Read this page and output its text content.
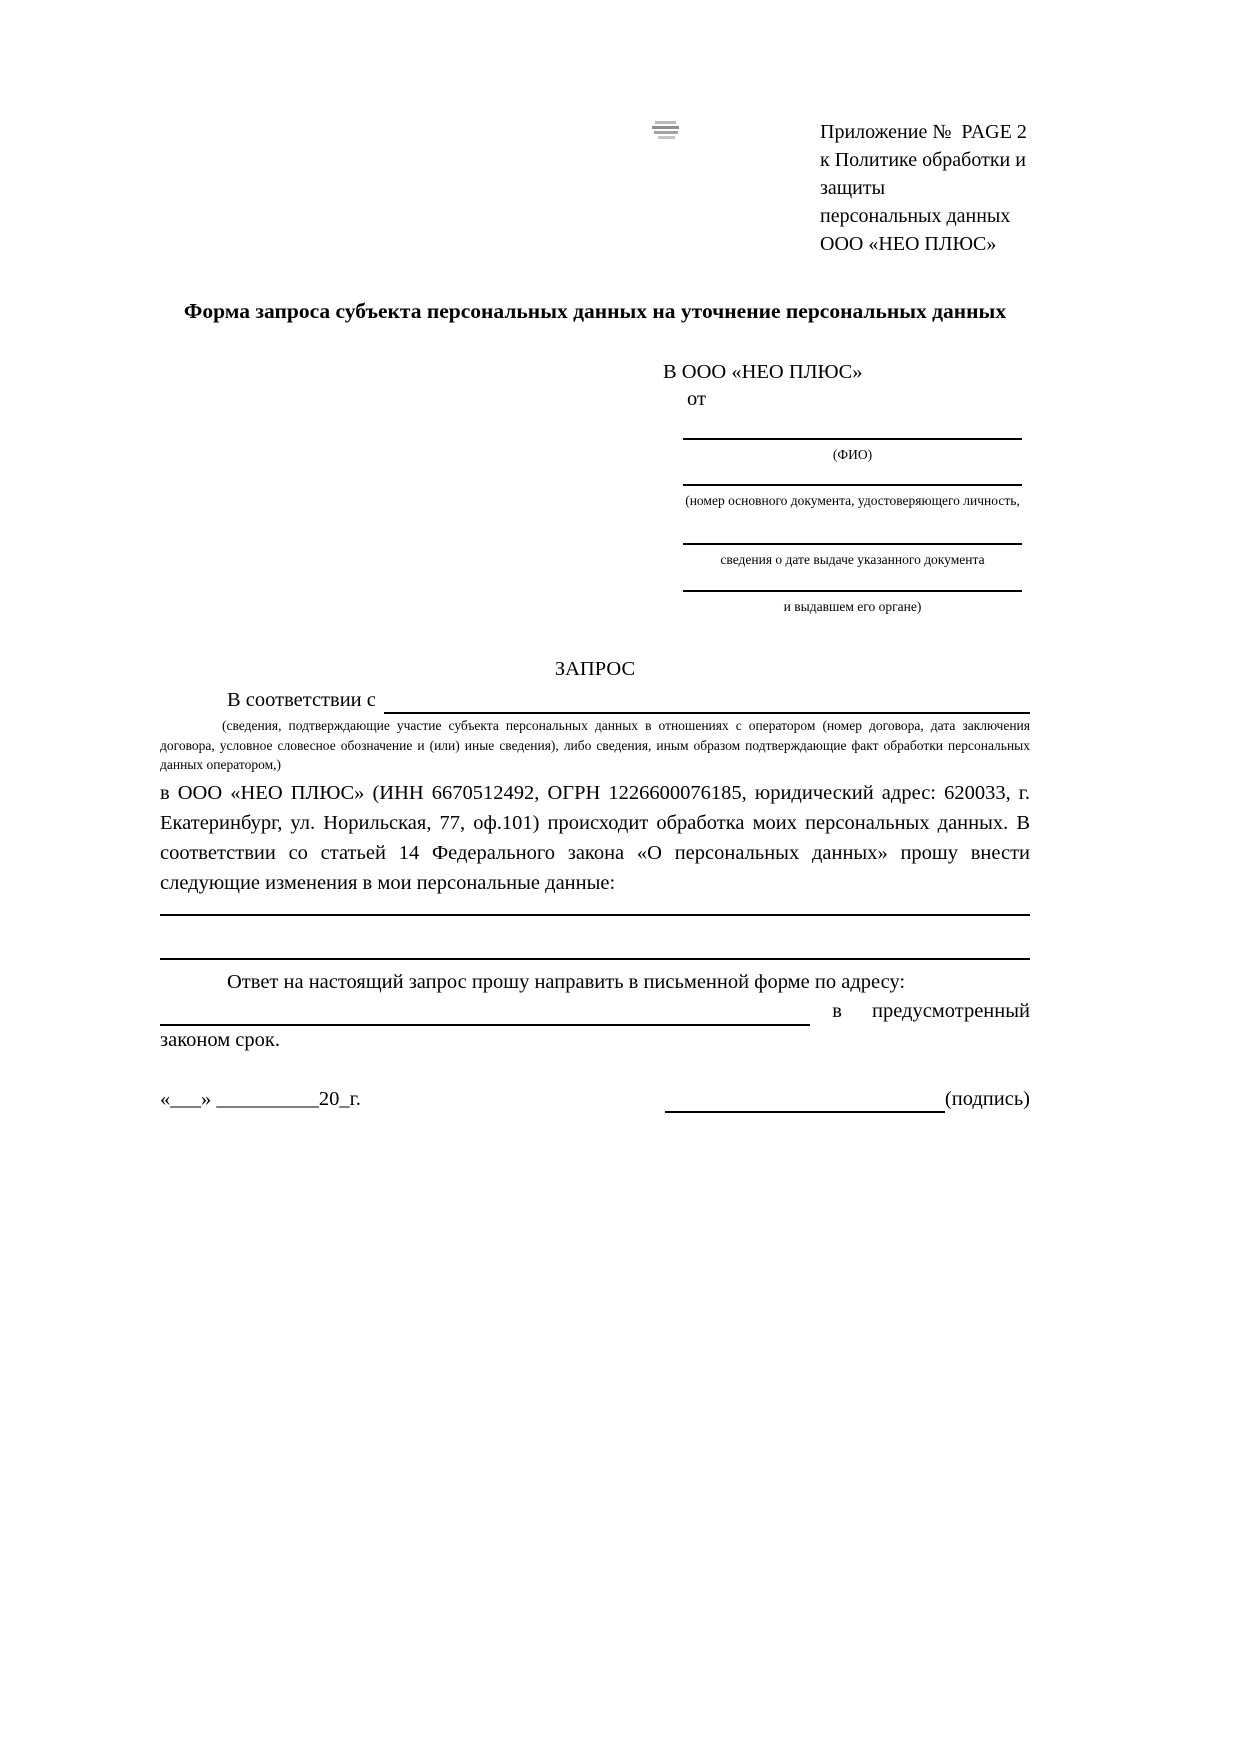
Приложение №  PAGE 2
к Политике обработки и защиты
персональных данных
ООО «НЕО ПЛЮС»
Форма запроса субъекта персональных данных на уточнение персональных данных
В ООО «НЕО ПЛЮС»
от
(ФИО)
(номер основного документа, удостоверяющего личность,
сведения о дате выдаче указанного документа
и выдавшем его органе)
ЗАПРОС
В соответствии с
(сведения, подтверждающие участие субъекта персональных данных в отношениях с оператором (номер договора, дата заключения договора, условное словесное обозначение и (или) иные сведения), либо сведения, иным образом подтверждающие факт обработки персональных данных оператором,)
в ООО «НЕО ПЛЮС» (ИНН 6670512492, ОГРН 1226600076185, юридический адрес: 620033, г. Екатеринбург, ул. Норильская, 77, оф.101) происходит обработка моих персональных данных. В соответствии со статьей 14 Федерального закона «О персональных данных» прошу внести следующие изменения в мои персональные данные:
Ответ на настоящий запрос прошу направить в письменной форме по адресу:
в предусмотренный
законом срок.
«___» __________20_г.	(подпись)
